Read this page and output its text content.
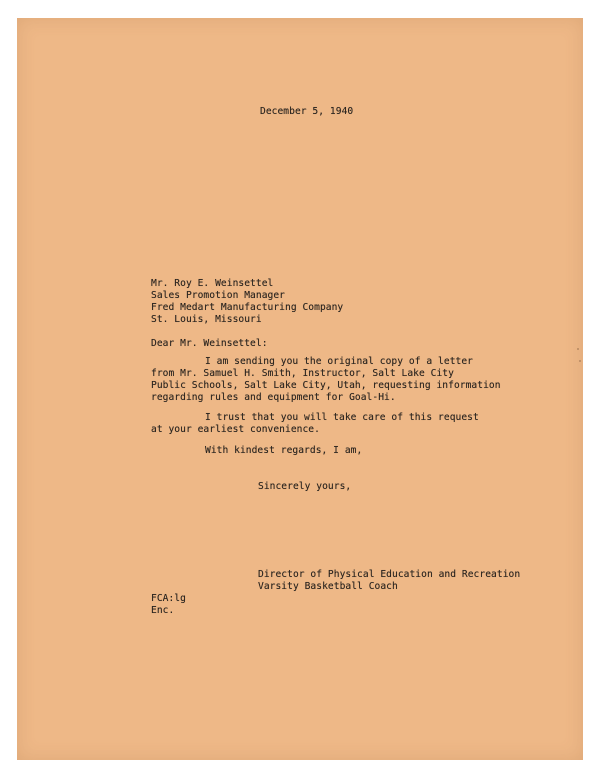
December 5, 1940
Mr. Roy E. Weinsettel
Sales Promotion Manager
Fred Medart Manufacturing Company
St. Louis, Missouri
Dear Mr. Weinsettel:
I am sending you the original copy of a letter
from Mr. Samuel H. Smith, Instructor, Salt Lake City
Public Schools, Salt Lake City, Utah, requesting information
regarding rules and equipment for Goal-Hi.
I trust that you will take care of this request
at your earliest convenience.
With kindest regards, I am,
Sincerely yours,
Director of Physical Education and Recreation
Varsity Basketball Coach
FCA:lg
Enc.
